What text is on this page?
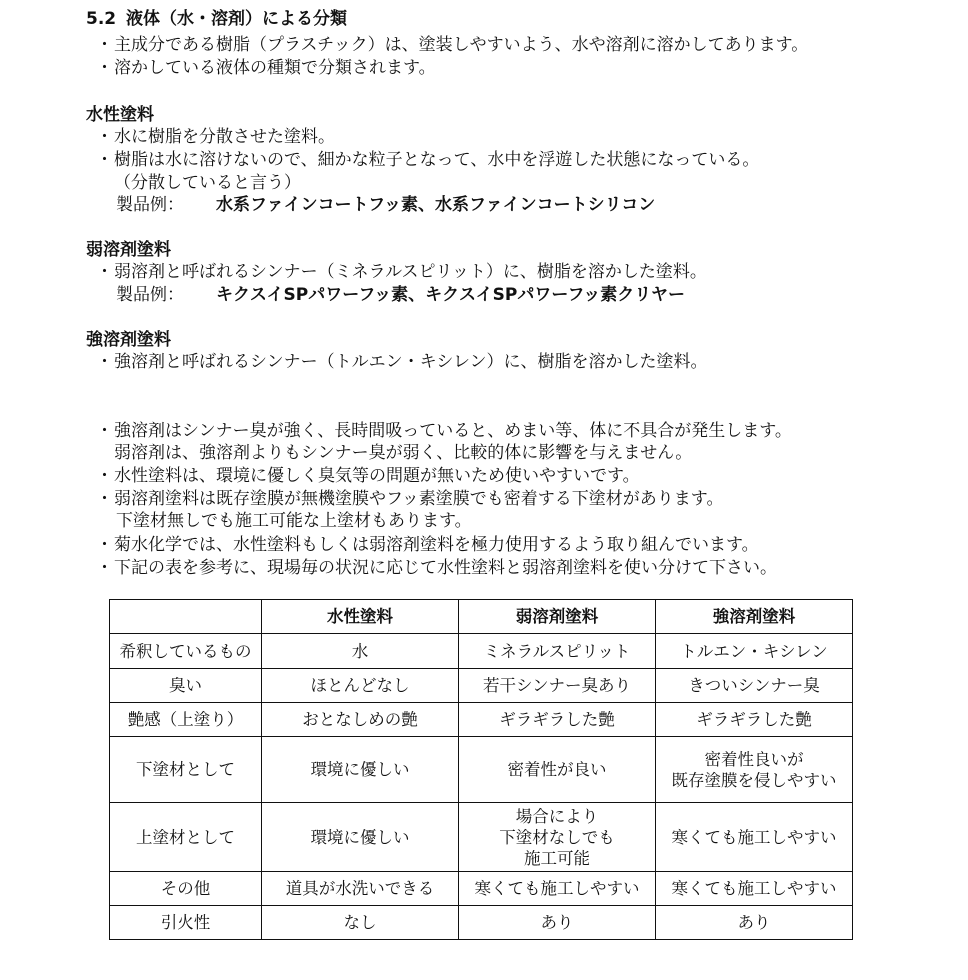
5.2 液体（水・溶剤）による分類
・ 主成分である樹脂（プラスチック）は、塗装しやすいよう、水や溶剤に溶かしてあります。
・ 溶かしている液体の種類で分類されます。
水性塗料
・ 水に樹脂を分散させた塗料。
・ 樹脂は水に溶けないので、細かな粒子となって、水中を浮遊した状態になっている。
（分散していると言う）
製品例： 水系ファインコートフッ素、水系ファインコートシリコン
弱溶剤塗料
・ 弱溶剤と呼ばれるシンナー（ミネラルスピリット）に、樹脂を溶かした塗料。
製品例： キクスイSPパワーフッ素、キクスイSPパワーフッ素クリヤー
強溶剤塗料
・ 強溶剤と呼ばれるシンナー（トルエン・キシレン）に、樹脂を溶かした塗料。
・ 強溶剤はシンナー臭が強く、長時間吸っていると、めまい等、体に不具合が発生します。
弱溶剤は、強溶剤よりもシンナー臭が弱く、比較的体に影響を与えません。
・ 水性塗料は、環境に優しく臭気等の問題が無いため使いやすいです。
・ 弱溶剤塗料は既存塗膜が無機塗膜やフッ素塗膜でも密着する下塗材があります。
下塗材無しでも施工可能な上塗材もあります。
・ 菊水化学では、水性塗料もしくは弱溶剤塗料を極力使用するよう取り組んでいます。
・ 下記の表を参考に、現場毎の状況に応じて水性塗料と弱溶剤塗料を使い分けて下さい。
	水性塗料	弱溶剤塗料	強溶剤塗料
希釈しているもの	水	ミネラルスピリット	トルエン・キシレン
臭い	ほとんどなし	若干シンナー臭あり	きついシンナー臭
艶感（上塗り）	おとなしめの艶	ギラギラした艶	ギラギラした艶
下塗材として	環境に優しい	密着性が良い	密着性良いが
既存塗膜を侵しやすい
上塗材として	環境に優しい	場合により
下塗材なしでも
施工可能	寒くても施工しやすい
その他	道具が水洗いできる	寒くても施工しやすい	寒くても施工しやすい
引火性	なし	あり	あり
